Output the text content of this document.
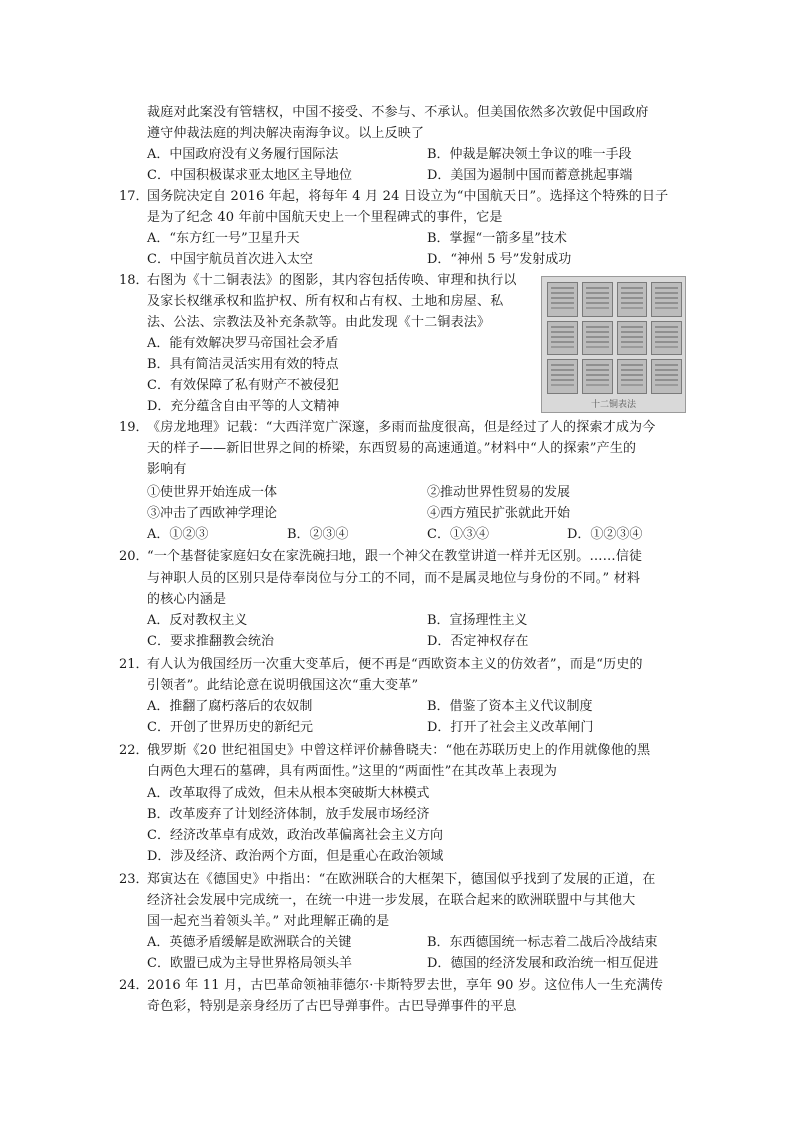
裁庭对此案没有管辖权，中国不接受、不参与、不承认。但美国依然多次敦促中国政府
遵守仲裁法庭的判决解决南海争议。以上反映了
A．中国政府没有义务履行国际法	B．仲裁是解决领土争议的唯一手段
C．中国积极谋求亚太地区主导地位	D．美国为遏制中国而蓄意挑起事端
17．
国务院决定自 2016 年起，将每年 4 月 24 日设立为“中国航天日”。选择这个特殊的日子
是为了纪念 40 年前中国航天史上一个里程碑式的事件，它是
A．“东方红一号”卫星升天	B．掌握“一箭多星”技术
C．中国宇航员首次进入太空	D．“神州 5 号”发射成功
18．
右图为《十二铜表法》的图影，其内容包括传唤、审理和执行以
及家长权继承权和监护权、所有权和占有权、土地和房屋、私
法、公法、宗教法及补充条款等。由此发现《十二铜表法》
A．能有效解决罗马帝国社会矛盾
B．具有简洁灵活实用有效的特点
C．有效保障了私有财产不被侵犯
D．充分蕴含自由平等的人文精神	十二铜表法
19．
《房龙地理》记载：“大西洋宽广深邃，多雨而盐度很高，但是经过了人的探索才成为今
天的样子——新旧世界之间的桥梁，东西贸易的高速通道。”材料中“人的探索”产生的
影响有
①使世界开始连成一体	②推动世界性贸易的发展
③冲击了西欧神学理论	④西方殖民扩张就此开始
A．①②③	B．②③④	C．①③④	D．①②③④
20．
“一个基督徒家庭妇女在家洗碗扫地，跟一个神父在教堂讲道一样并无区别。……信徒
与神职人员的区别只是侍奉岗位与分工的不同，而不是属灵地位与身份的不同。” 材料
的核心内涵是
A．反对教权主义	B．宣扬理性主义
C．要求推翻教会统治	D．否定神权存在
21．
有人认为俄国经历一次重大变革后，便不再是“西欧资本主义的仿效者”，而是“历史的
引领者”。此结论意在说明俄国这次“重大变革”
A．推翻了腐朽落后的农奴制	B．借鉴了资本主义代议制度
C．开创了世界历史的新纪元	D．打开了社会主义改革闸门
22．
俄罗斯《20 世纪祖国史》中曾这样评价赫鲁晓夫：“他在苏联历史上的作用就像他的黑
白两色大理石的墓碑，具有两面性。”这里的“两面性”在其改革上表现为
A．改革取得了成效，但未从根本突破斯大林模式
B．改革废弃了计划经济体制，放手发展市场经济
C．经济改革卓有成效，政治改革偏离社会主义方向
D．涉及经济、政治两个方面，但是重心在政治领域
23．
郑寅达在《德国史》中指出：“在欧洲联合的大框架下，德国似乎找到了发展的正道，在
经济社会发展中完成统一，在统一中进一步发展，在联合起来的欧洲联盟中与其他大
国一起充当着领头羊。” 对此理解正确的是
A．英德矛盾缓解是欧洲联合的关键	B．东西德国统一标志着二战后冷战结束
C．欧盟已成为主导世界格局领头羊	D．德国的经济发展和政治统一相互促进
24．
2016 年 11 月，古巴革命领袖菲德尔·卡斯特罗去世，享年 90 岁。这位伟人一生充满传
奇色彩，特别是亲身经历了古巴导弹事件。古巴导弹事件的平息
